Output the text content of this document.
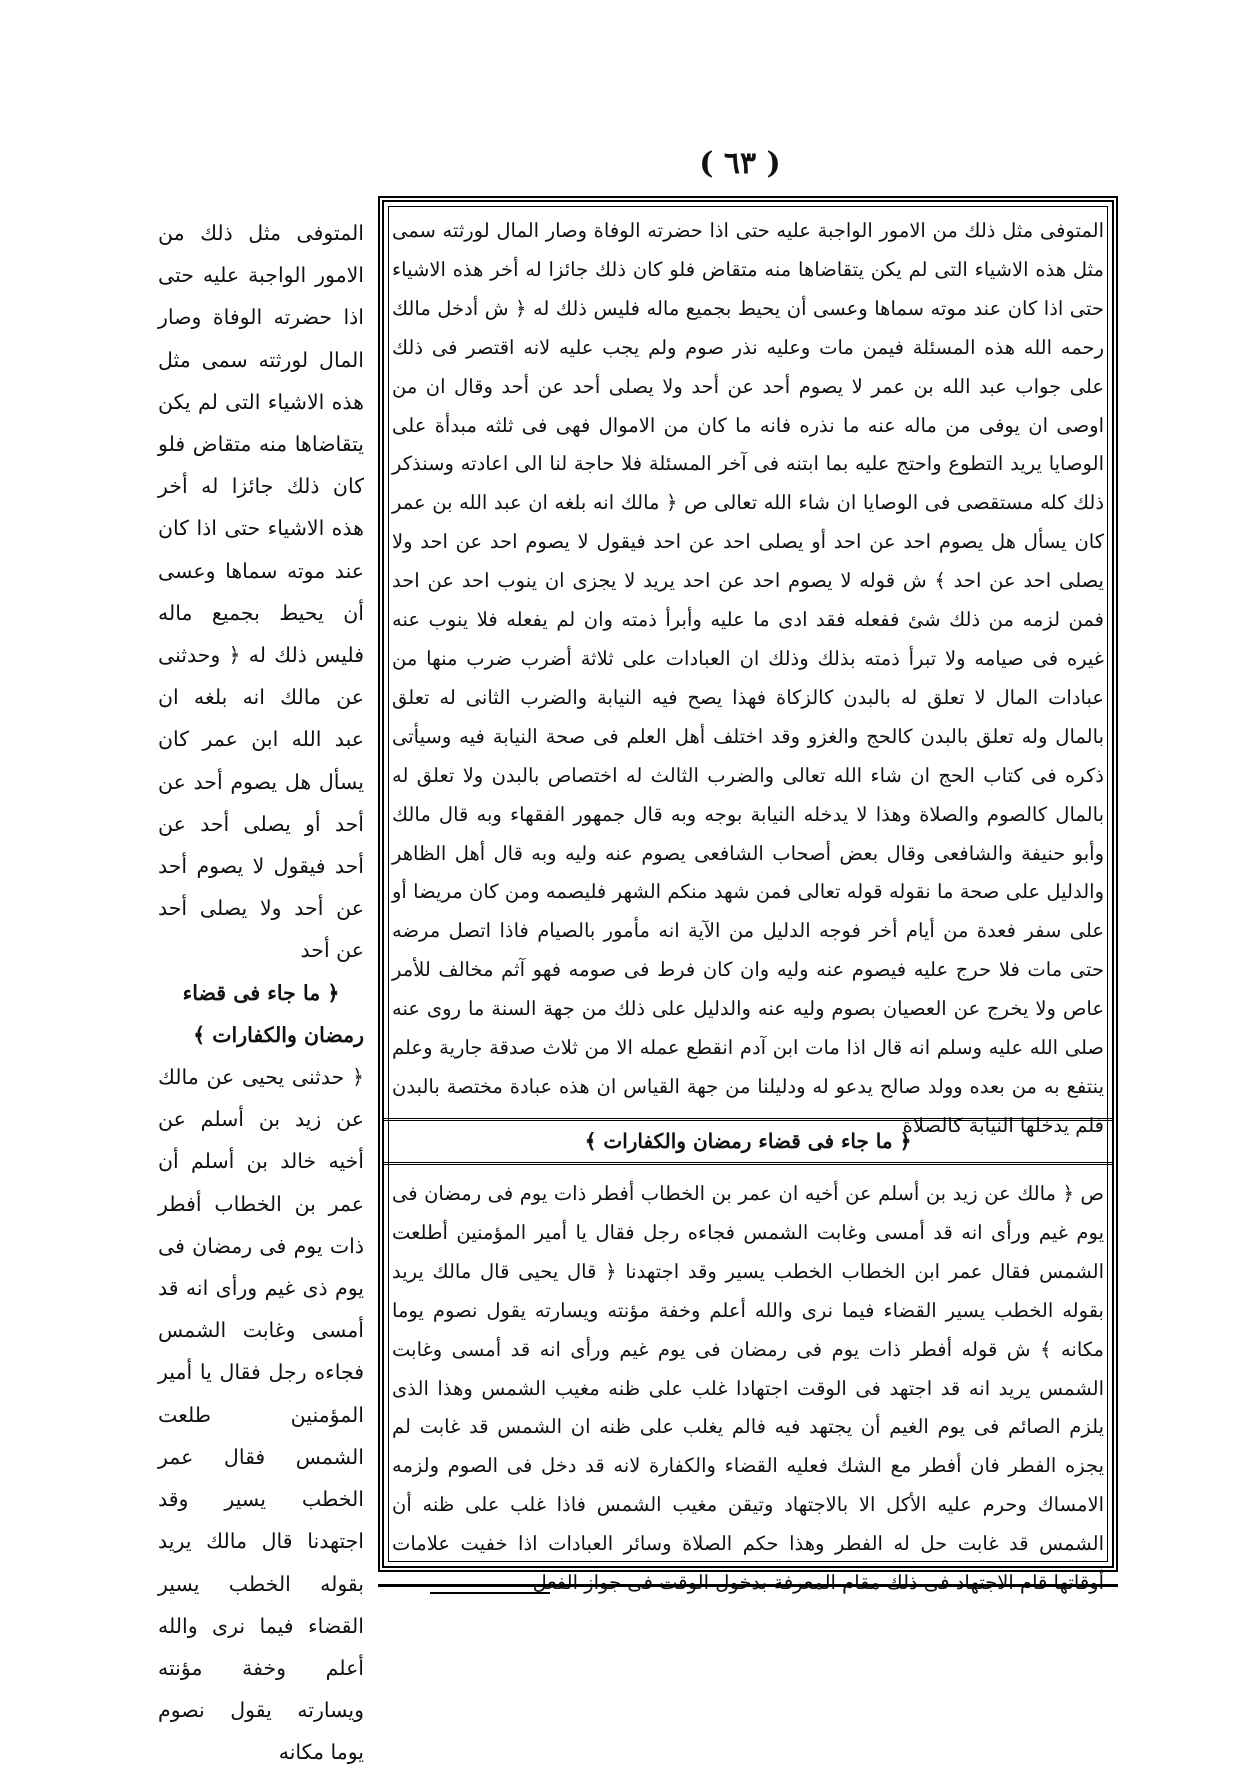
( ٦٣ )

المتوفى مثل ذلك من الامور الواجبة عليه حتى اذا حضرته الوفاة وصار المال لورثته سمى مثل هذه الاشياء التى لم يكن يتقاضاها منه متقاض فلو كان ذلك جائزا له أخر هذه الاشياء حتى اذا كان عند موته سماها وعسى أن يحيط بجميع ماله فليس ذلك له ﴿ ش أدخل مالك رحمه الله هذه المسئلة فيمن مات وعليه نذر صوم ولم يجب عليه لانه اقتصر فى ذلك على جواب عبد الله بن عمر لا يصوم أحد عن أحد ولا يصلى أحد عن أحد وقال ان من اوصى ان يوفى من ماله عنه ما نذره فانه ما كان من الاموال فهى فى ثلثه مبدأة على الوصايا يريد التطوع واحتج عليه بما ابتنه فى آخر المسئلة فلا حاجة لنا الى اعادته وسنذكر ذلك كله مستقصى فى الوصايا ان شاء الله تعالى ص ﴿ مالك انه بلغه ان عبد الله بن عمر كان يسأل هل يصوم احد عن احد أو يصلى احد عن احد فيقول لا يصوم احد عن احد ولا يصلى احد عن احد ﴾ ش قوله لا يصوم احد عن احد يريد لا يجزى ان ينوب احد عن احد فمن لزمه من ذلك شئ ففعله فقد ادى ما عليه وأبرأ ذمته وان لم يفعله فلا ينوب عنه غيره فى صيامه ولا تبرأ ذمته بذلك وذلك ان العبادات على ثلاثة أضرب ضرب منها من عبادات المال لا تعلق له بالبدن كالزكاة فهذا يصح فيه النيابة والضرب الثانى له تعلق بالمال وله تعلق بالبدن كالحج والغزو وقد اختلف أهل العلم فى صحة النيابة فيه وسيأتى ذكره فى كتاب الحج ان شاء الله تعالى والضرب الثالث له اختصاص بالبدن ولا تعلق له بالمال كالصوم والصلاة وهذا لا يدخله النيابة بوجه وبه قال جمهور الفقهاء وبه قال مالك وأبو حنيفة والشافعى وقال بعض أصحاب الشافعى يصوم عنه وليه وبه قال أهل الظاهر والدليل على صحة ما نقوله قوله تعالى فمن شهد منكم الشهر فليصمه ومن كان مريضا أو على سفر فعدة من أيام أخر فوجه الدليل من الآية انه مأمور بالصيام فاذا اتصل مرضه حتى مات فلا حرج عليه فيصوم عنه وليه وان كان فرط فى صومه فهو آثم مخالف للأمر عاص ولا يخرج عن العصيان بصوم وليه عنه والدليل على ذلك من جهة السنة ما روى عنه صلى الله عليه وسلم انه قال اذا مات ابن آدم انقطع عمله الا من ثلاث صدقة جارية وعلم ينتفع به من بعده وولد صالح يدعو له ودليلنا من جهة القياس ان هذه عبادة مختصة بالبدن فلم يدخلها النيابة كالصلاة

﴿ ما جاء فى قضاء رمضان والكفارات ﴾

ص ﴿ مالك عن زيد بن أسلم عن أخيه ان عمر بن الخطاب أفطر ذات يوم فى رمضان فى يوم غيم ورأى انه قد أمسى وغابت الشمس فجاءه رجل فقال يا أمير المؤمنين أطلعت الشمس فقال عمر ابن الخطاب الخطب يسير وقد اجتهدنا ﴿ قال يحيى قال مالك يريد بقوله الخطب يسير القضاء فيما نرى والله أعلم وخفة مؤنته ويسارته يقول نصوم يوما مكانه ﴾ ش قوله أفطر ذات يوم فى رمضان فى يوم غيم ورأى انه قد أمسى وغابت الشمس يريد انه قد اجتهد فى الوقت اجتهادا غلب على ظنه مغيب الشمس وهذا الذى يلزم الصائم فى يوم الغيم أن يجتهد فيه فالم يغلب على ظنه ان الشمس قد غابت لم يجزه الفطر فان أفطر مع الشك فعليه القضاء والكفارة لانه قد دخل فى الصوم ولزمه الامساك وحرم عليه الأكل الا بالاجتهاد وتيقن مغيب الشمس فاذا غلب على ظنه أن الشمس قد غابت حل له الفطر وهذا حكم الصلاة وسائر العبادات اذا خفيت علامات أوقاتها قام الاجتهاد فى ذلك مقام المعرفة بدخول الوقت فى جواز الفعل

المتوفى مثل ذلك من الامور الواجبة عليه حتى اذا حضرته الوفاة وصار المال لورثته سمى مثل هذه الاشياء التى لم يكن يتقاضاها منه متقاض فلو كان ذلك جائزا له أخر هذه الاشياء حتى اذا كان عند موته سماها وعسى أن يحيط بجميع ماله فليس ذلك له ﴿ وحدثنى عن مالك انه بلغه ان عبد الله ابن عمر كان يسأل هل يصوم أحد عن أحد أو يصلى أحد عن أحد فيقول لا يصوم أحد عن أحد ولا يصلى أحد عن أحد
﴿ ما جاء فى قضاء رمضان والكفارات ﴾
﴿ حدثنى يحيى عن مالك عن زيد بن أسلم عن أخيه خالد بن أسلم أن عمر بن الخطاب أفطر ذات يوم فى رمضان فى يوم ذى غيم ورأى انه قد أمسى وغابت الشمس فجاءه رجل فقال يا أمير المؤمنين طلعت الشمس فقال عمر الخطب يسير وقد اجتهدنا قال مالك يريد بقوله الخطب يسير القضاء فيما نرى والله أعلم وخفة مؤنته ويسارته يقول نصوم يوما مكانه
